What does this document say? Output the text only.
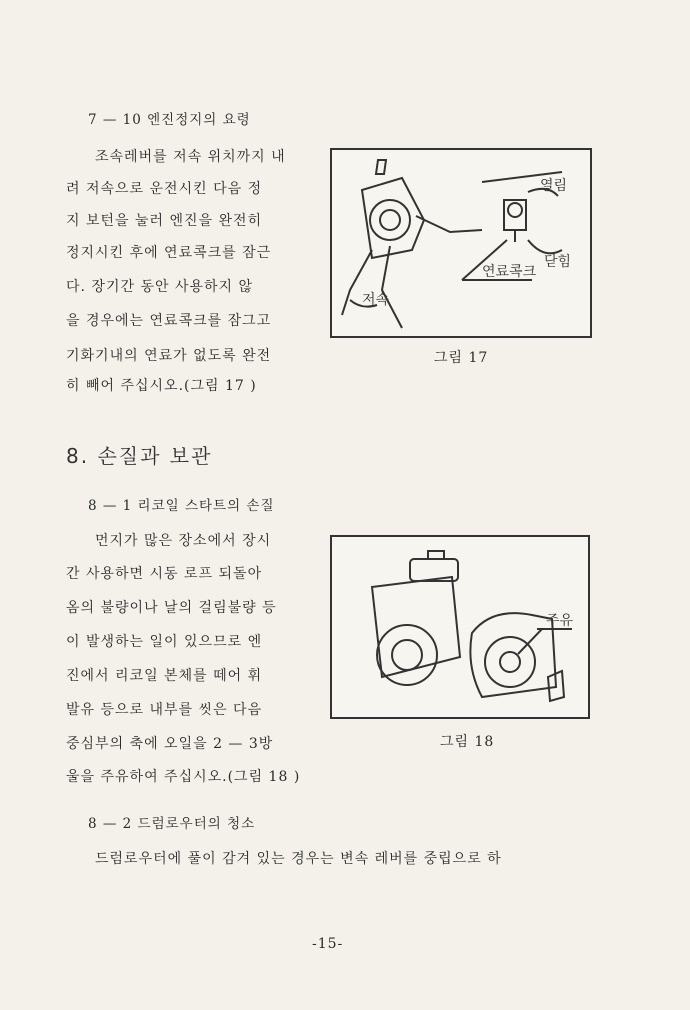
7 — 10 엔진정지의 요령
조속레버를 저속 위치까지 내
려 저속으로 운전시킨 다음 정
지 보턴을 눌러 엔진을 완전히
정지시킨 후에 연료콕크를 잠근
다. 장기간 동안 사용하지 않
을 경우에는 연료콕크를 잠그고
기화기내의 연료가 없도록 완전
히 빼어 주십시오.(그림 17 )
열림
닫힘
연료콕크
저속
그림 17
8. 손질과 보관
8 — 1 리코일 스타트의 손질
먼지가 많은 장소에서 장시
간 사용하면 시동 로프 되돌아
옴의 불량이나 날의 걸림불량 등
이 발생하는 일이 있으므로 엔
진에서 리코일 본체를 떼어 휘
발유 등으로 내부를 씻은 다음
중심부의 축에 오일을 2 — 3방
울을 주유하여 주십시오.(그림 18 )
주유
그림 18
8 — 2 드럼로우터의 청소
드럼로우터에 풀이 감겨 있는 경우는 변속 레버를 중립으로 하
-15-
